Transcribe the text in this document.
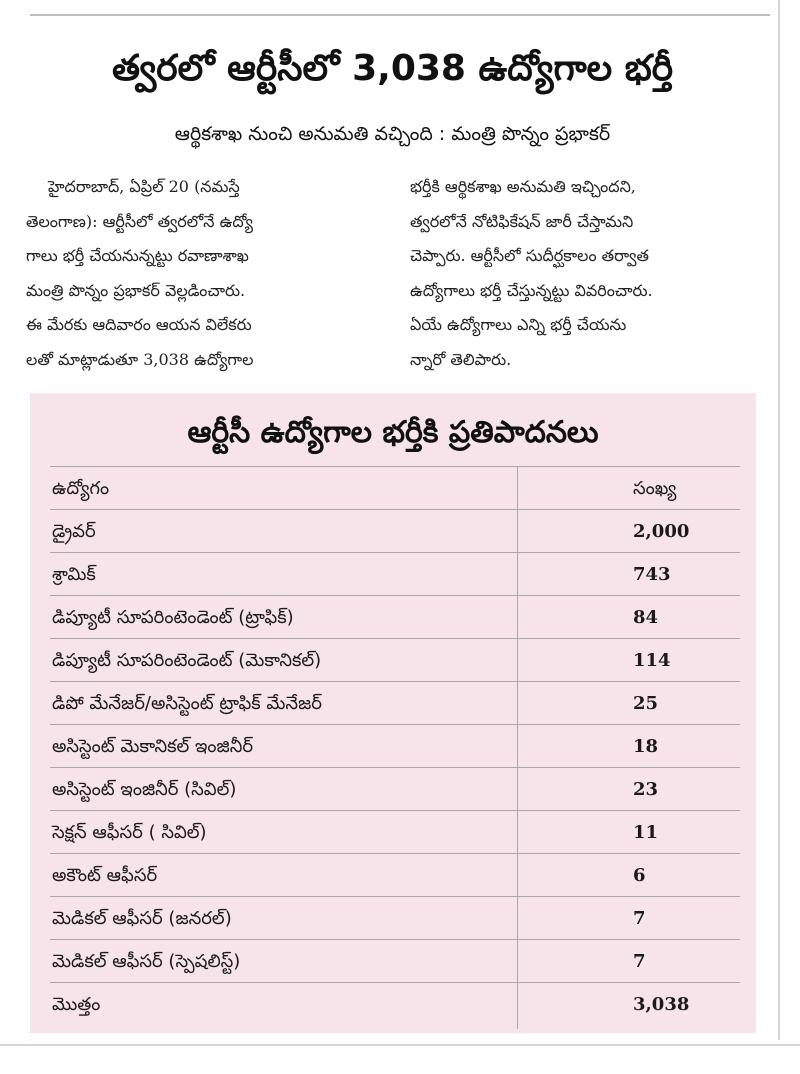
త్వరలో ఆర్టీసీలో 3,038 ఉద్యోగాల భర్తీ
ఆర్థికశాఖ నుంచి అనుమతి వచ్చింది : మంత్రి పొన్నం ప్రభాకర్
హైదరాబాద్, ఏప్రిల్ 20 (నమస్తే
తెలంగాణ): ఆర్టీసీలో త్వరలోనే ఉద్యో
గాలు భర్తీ చేయనున్నట్టు రవాణాశాఖ
మంత్రి పొన్నం ప్రభాకర్ వెల్లడించారు.
ఈ మేరకు ఆదివారం ఆయన విలేకరు
లతో మాట్లాడుతూ 3,038 ఉద్యోగాల
భర్తీకి ఆర్థికశాఖ అనుమతి ఇచ్చిందని,
త్వరలోనే నోటిఫికేషన్ జారీ చేస్తామని
చెప్పారు. ఆర్టీసీలో సుదీర్ఘకాలం తర్వాత
ఉద్యోగాలు భర్తీ చేస్తున్నట్టు వివరించారు.
ఏయే ఉద్యోగాలు ఎన్ని భర్తీ చేయను
న్నారో తెలిపారు.
ఆర్టీసీ ఉద్యోగాల భర్తీకి ప్రతిపాదనలు
ఉద్యోగం	సంఖ్య
డ్రైవర్	2,000
శ్రామిక్	743
డిప్యూటీ సూపరింటెండెంట్ (ట్రాఫిక్)	84
డిప్యూటీ సూపరింటెండెంట్ (మెకానికల్)	114
డిపో మేనేజర్/అసిస్టెంట్ ట్రాఫిక్ మేనేజర్	25
అసిస్టెంట్ మెకానికల్ ఇంజినీర్	18
అసిస్టెంట్ ఇంజినీర్ (సివిల్)	23
సెక్షన్ ఆఫీసర్ ( సివిల్)	11
అకౌంట్ ఆఫీసర్	6
మెడికల్ ఆఫీసర్ (జనరల్)	7
మెడికల్ ఆఫీసర్ (స్పెషలిస్ట్)	7
మొత్తం	3,038
